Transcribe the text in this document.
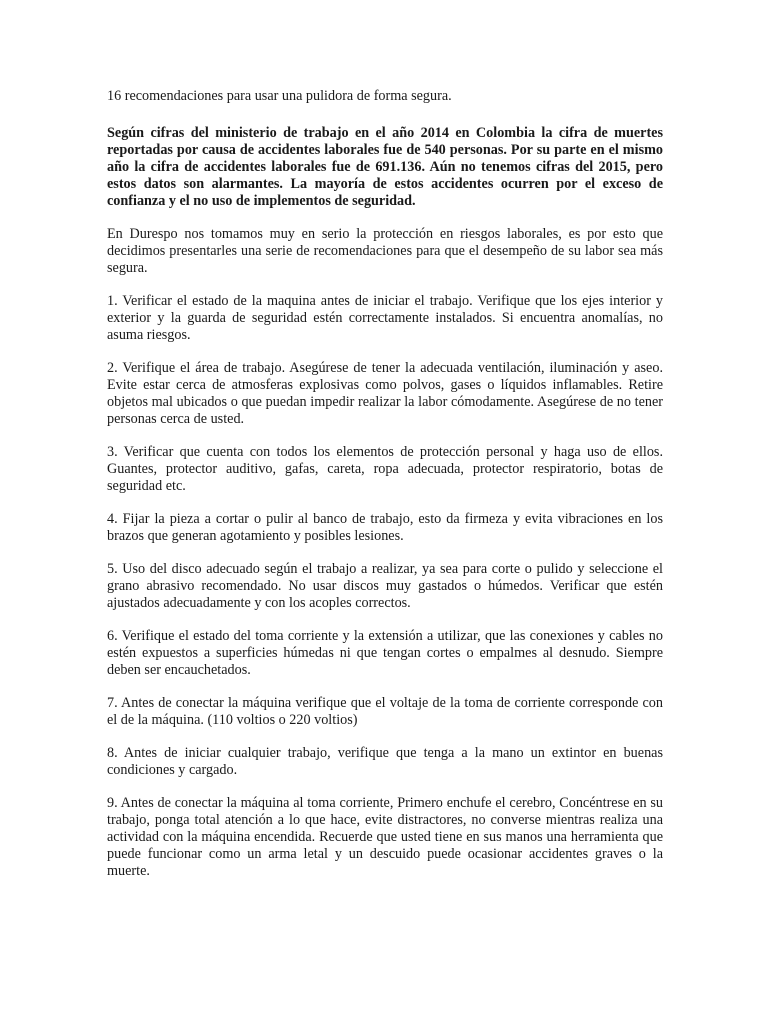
16 recomendaciones para usar una pulidora de forma segura.

Según cifras del ministerio de trabajo en el año 2014 en Colombia la cifra de muertes reportadas por causa de accidentes laborales fue de 540 personas. Por su parte en el mismo año la cifra de accidentes laborales fue de 691.136. Aún no tenemos cifras del 2015, pero estos datos son alarmantes. La mayoría de estos accidentes ocurren por el exceso de confianza y el no uso de implementos de seguridad.

En Durespo nos tomamos muy en serio la protección en riesgos laborales, es por esto que decidimos presentarles una serie de recomendaciones para que el desempeño de su labor sea más segura.

1. Verificar el estado de la maquina antes de iniciar el trabajo. Verifique que los ejes interior y exterior y la guarda de seguridad estén correctamente instalados. Si encuentra anomalías, no asuma riesgos.

2. Verifique el área de trabajo. Asegúrese de tener la adecuada ventilación, iluminación y aseo. Evite estar cerca de atmosferas explosivas como polvos, gases o líquidos inflamables. Retire objetos mal ubicados o que puedan impedir realizar la labor cómodamente. Asegúrese de no tener personas cerca de usted.

3. Verificar que cuenta con todos los elementos de protección personal y haga uso de ellos. Guantes, protector auditivo, gafas, careta, ropa adecuada, protector respiratorio, botas de seguridad etc.

4. Fijar la pieza a cortar o pulir al banco de trabajo, esto da firmeza y evita vibraciones en los brazos que generan agotamiento y posibles lesiones.

5. Uso del disco adecuado según el trabajo a realizar, ya sea para corte o pulido y seleccione el grano abrasivo recomendado. No usar discos muy gastados o húmedos. Verificar que estén ajustados adecuadamente y con los acoples correctos.

6. Verifique el estado del toma corriente y la extensión a utilizar, que las conexiones y cables no estén expuestos a superficies húmedas ni que tengan cortes o empalmes al desnudo. Siempre deben ser encauchetados.

7. Antes de conectar la máquina verifique que el voltaje de la toma de corriente corresponde con el de la máquina. (110 voltios o 220 voltios)

8. Antes de iniciar cualquier trabajo, verifique que tenga a la mano un extintor en buenas condiciones y cargado.

9. Antes de conectar la máquina al toma corriente, Primero enchufe el cerebro, Concéntrese en su trabajo, ponga total atención a lo que hace, evite distractores, no converse mientras realiza una actividad con la máquina encendida. Recuerde que usted tiene en sus manos una herramienta que puede funcionar como un arma letal y un descuido puede ocasionar accidentes graves o la muerte.
